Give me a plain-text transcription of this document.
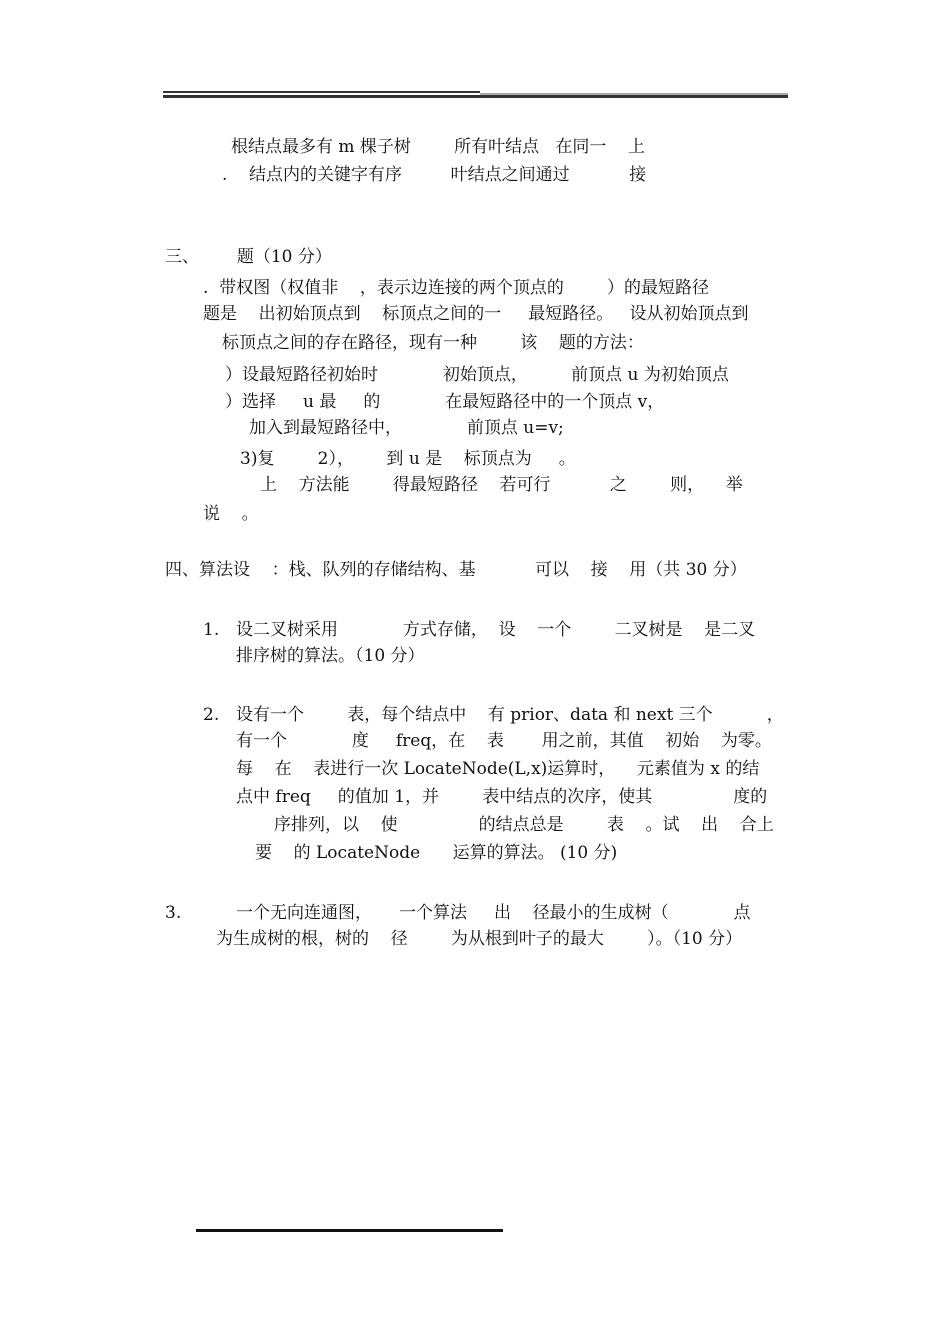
根结点最多有 m 棵子树        所有叶结点   在同一    上
.    结点内的关键字有序         叶结点之间通过           接
三、       题（10 分）
.  带权图（权值非    ，表示边连接的两个顶点的        ）的最短路径
题是    出初始顶点到    标顶点之间的一     最短路径。   设从初始顶点到
标顶点之间的存在路径，现有一种        该    题的方法：
）设最短路径初始时            初始顶点，        前顶点 u 为初始顶点
）选择     u 最     的            在最短路径中的一个顶点 v，
加入到最短路径中，            前顶点 u=v;
3)复        2），      到 u 是    标顶点为     。
上    方法能        得最短路径    若可行           之        则，    举
说    。
四、算法设    ：栈、队列的存储结构、基           可以    接    用（共 30 分）
1. 设二叉树采用            方式存储，  设    一个        二叉树是    是二叉
排序树的算法。（10 分）
2. 设有一个        表，每个结点中    有 prior、data 和 next 三个          ，
有一个            度     freq，在    表       用之前，其值    初始    为零。
每    在    表进行一次 LocateNode(L,x)运算时，    元素值为 x 的结
点中 freq     的值加 1，并        表中结点的次序，使其               度的
序排列，以    使               的结点总是        表    。试    出    合上
要    的 LocateNode      运算的算法。 (10 分)
3.	一个无向连通图，     一个算法     出    径最小的生成树（            点
为生成树的根，树的    径        为从根到叶子的最大        ）。（10 分）
